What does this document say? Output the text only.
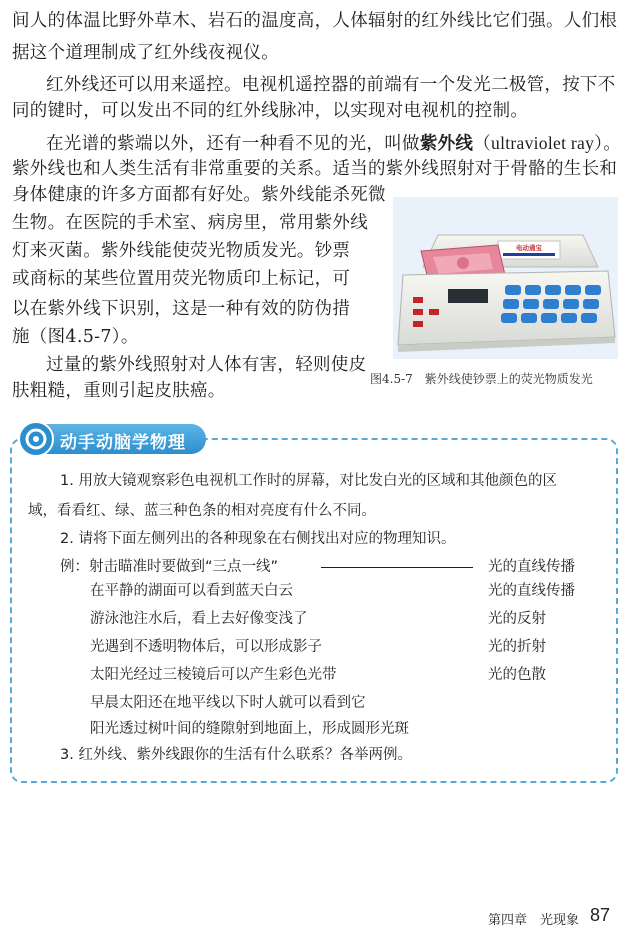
间人的体温比野外草木、岩石的温度高，人体辐射的红外线比它们强。人们根
据这个道理制成了红外线夜视仪。
红外线还可以用来遥控。电视机遥控器的前端有一个发光二极管，按下不
同的键时，可以发出不同的红外线脉冲，以实现对电视机的控制。
在光谱的紫端以外，还有一种看不见的光，叫做紫外线（ultraviolet ray）。
紫外线也和人类生活有非常重要的关系。适当的紫外线照射对于骨骼的生长和
身体健康的许多方面都有好处。紫外线能杀死微
生物。在医院的手术室、病房里，常用紫外线
灯来灭菌。紫外线能使荧光物质发光。钞票
或商标的某些位置用荧光物质印上标记，可
以在紫外线下识别，这是一种有效的防伪措
施（图4.5-7）。
过量的紫外线照射对人体有害，轻则使皮
肤粗糙，重则引起皮肤癌。
电动通宝
图4.5-7　紫外线使钞票上的荧光物质发光
动手动脑学物理
1. 用放大镜观察彩色电视机工作时的屏幕，对比发白光的区域和其他颜色的区
域，看看红、绿、蓝三种色条的相对亮度有什么不同。
2. 请将下面左侧列出的各种现象在右侧找出对应的物理知识。
例：射击瞄准时要做到“三点一线”
在平静的湖面可以看到蓝天白云
游泳池注水后，看上去好像变浅了
光遇到不透明物体后，可以形成影子
太阳光经过三棱镜后可以产生彩色光带
早晨太阳还在地平线以下时人就可以看到它
阳光透过树叶间的缝隙射到地面上，形成圆形光斑
光的直线传播
光的直线传播
光的反射
光的折射
光的色散
3. 红外线、紫外线跟你的生活有什么联系？各举两例。
第四章　光现象 87
